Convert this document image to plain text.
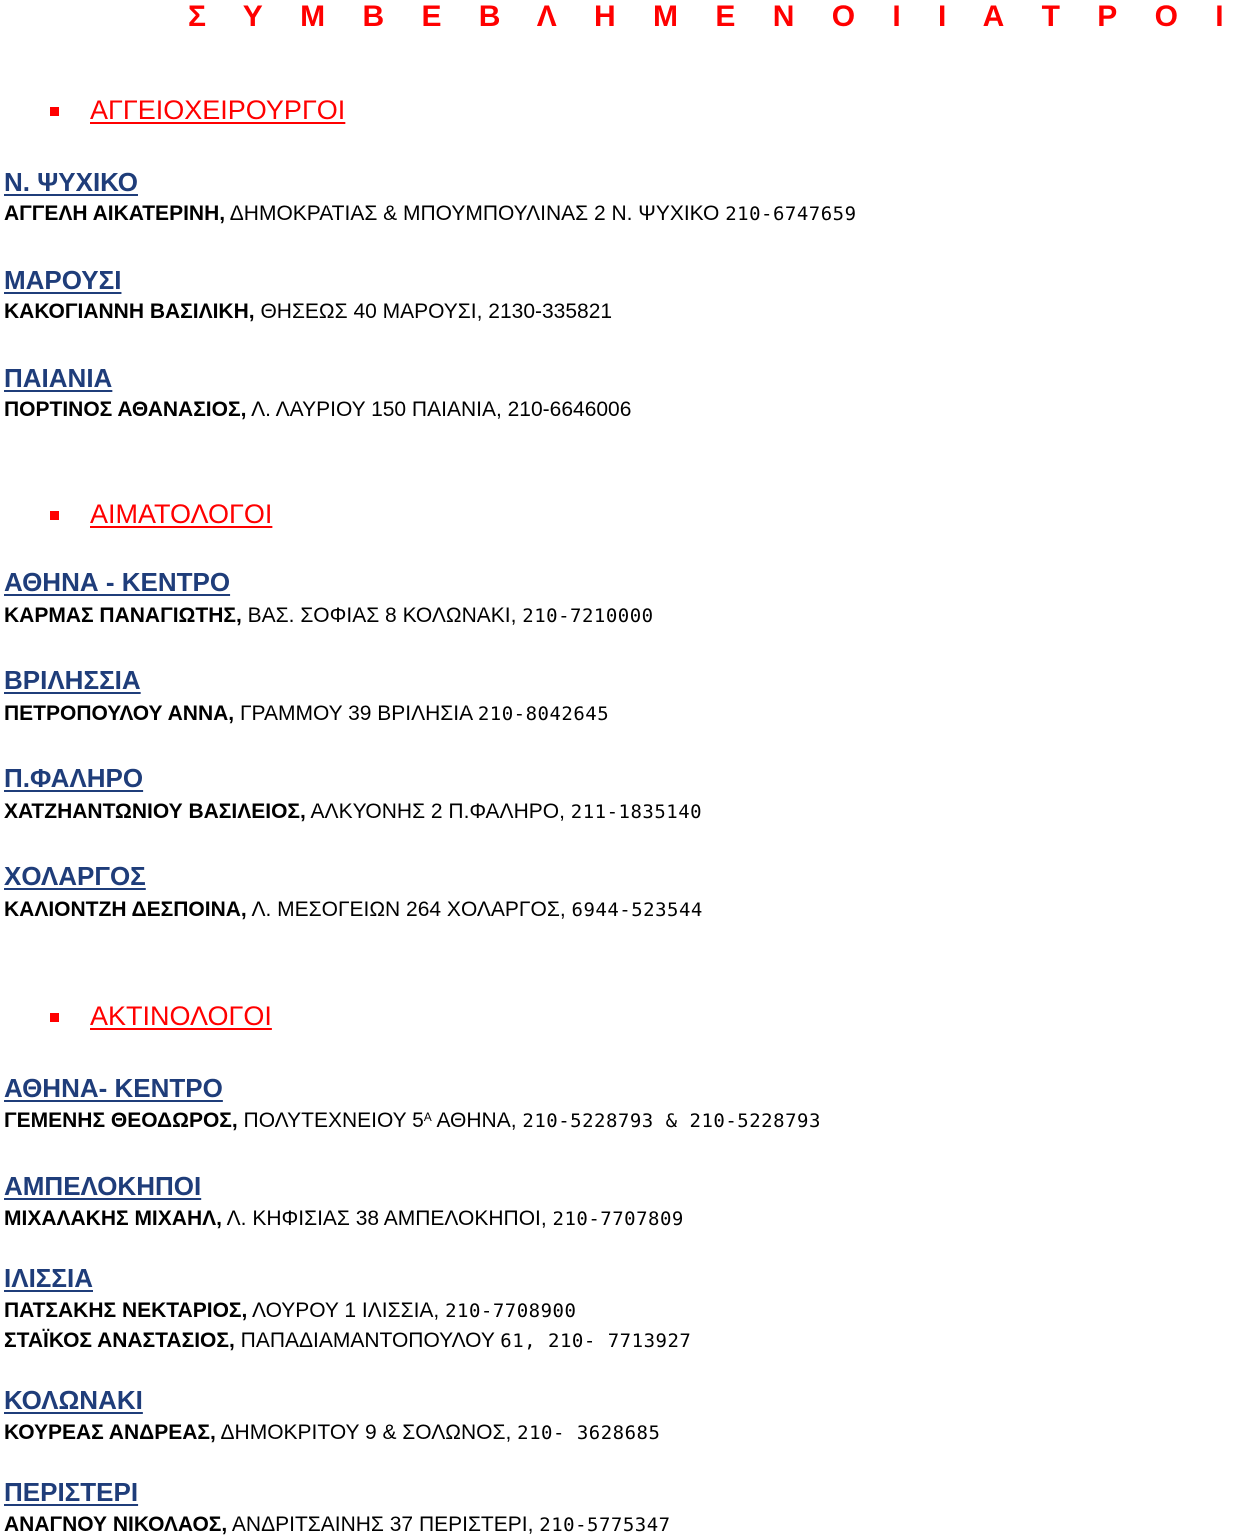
Σ Υ Μ Β Ε Β Λ Η Μ Ε Ν Ο Ι Ι Α Τ Ρ Ο Ι
ΑΓΓΕΙΟΧΕΙΡΟΥΡΓΟΙ
Ν. ΨΥΧΙΚΟ
ΑΓΓΕΛΗ ΑΙΚΑΤΕΡΙΝΗ, ΔΗΜΟΚΡΑΤΙΑΣ & ΜΠΟΥΜΠΟΥΛΙΝΑΣ 2 Ν. ΨΥΧΙΚΟ 210-6747659
ΜΑΡΟΥΣΙ
ΚΑΚΟΓΙΑΝΝΗ ΒΑΣΙΛΙΚΗ, ΘΗΣΕΩΣ 40 ΜΑΡΟΥΣΙ, 2130-335821
ΠΑΙΑΝΙΑ
ΠΟΡΤΙΝΟΣ ΑΘΑΝΑΣΙΟΣ, Λ. ΛΑΥΡΙΟΥ 150 ΠΑΙΑΝΙΑ, 210-6646006
ΑΙΜΑΤΟΛΟΓΟΙ
ΑΘΗΝΑ - ΚΕΝΤΡΟ
ΚΑΡΜΑΣ ΠΑΝΑΓΙΩΤΗΣ, ΒΑΣ. ΣΟΦΙΑΣ 8 ΚΟΛΩΝΑΚΙ, 210-7210000
ΒΡΙΛΗΣΣΙΑ
ΠΕΤΡΟΠΟΥΛΟΥ ΑΝΝΑ, ΓΡΑΜΜΟΥ 39 ΒΡΙΛΗΣΙΑ 210-8042645
Π.ΦΑΛΗΡΟ
ΧΑΤΖΗΑΝΤΩΝΙΟΥ ΒΑΣΙΛΕΙΟΣ, ΑΛΚΥΟΝΗΣ 2 Π.ΦΑΛΗΡΟ, 211-1835140
ΧΟΛΑΡΓΟΣ
ΚΑΛΙΟΝΤΖΗ ΔΕΣΠΟΙΝΑ, Λ. ΜΕΣΟΓΕΙΩΝ 264 ΧΟΛΑΡΓΟΣ, 6944-523544
ΑΚΤΙΝΟΛΟΓΟΙ
ΑΘΗΝΑ- ΚΕΝΤΡΟ
ΓΕΜΕΝΗΣ ΘΕΟΔΩΡΟΣ, ΠΟΛΥΤΕΧΝΕΙΟΥ $5^A$ ΑΘΗΝΑ, 210-5228793 & 210-5228793
ΑΜΠΕΛΟΚΗΠΟΙ
ΜΙΧΑΛΑΚΗΣ ΜΙΧΑΗΛ, Λ. ΚΗΦΙΣΙΑΣ 38 ΑΜΠΕΛΟΚΗΠΟΙ, 210-7707809
ΙΛΙΣΣΙΑ
ΠΑΤΣΑΚΗΣ ΝΕΚΤΑΡΙΟΣ, ΛΟΥΡΟΥ 1 ΙΛΙΣΣΙΑ, 210-7708900
ΣΤΑΪΚΟΣ ΑΝΑΣΤΑΣΙΟΣ, ΠΑΠΑΔΙΑΜΑΝΤΟΠΟΥΛΟΥ 61, 210- 7713927
ΚΟΛΩΝΑΚΙ
ΚΟΥΡΕΑΣ ΑΝΔΡΕΑΣ, ΔΗΜΟΚΡΙΤΟΥ 9 & ΣΟΛΩΝΟΣ, 210- 3628685
ΠΕΡΙΣΤΕΡΙ
ΑΝΑΓΝΟΥ ΝΙΚΟΛΑΟΣ, ΑΝΔΡΙΤΣΑΙΝΗΣ 37 ΠΕΡΙΣΤΕΡΙ, 210-5775347
